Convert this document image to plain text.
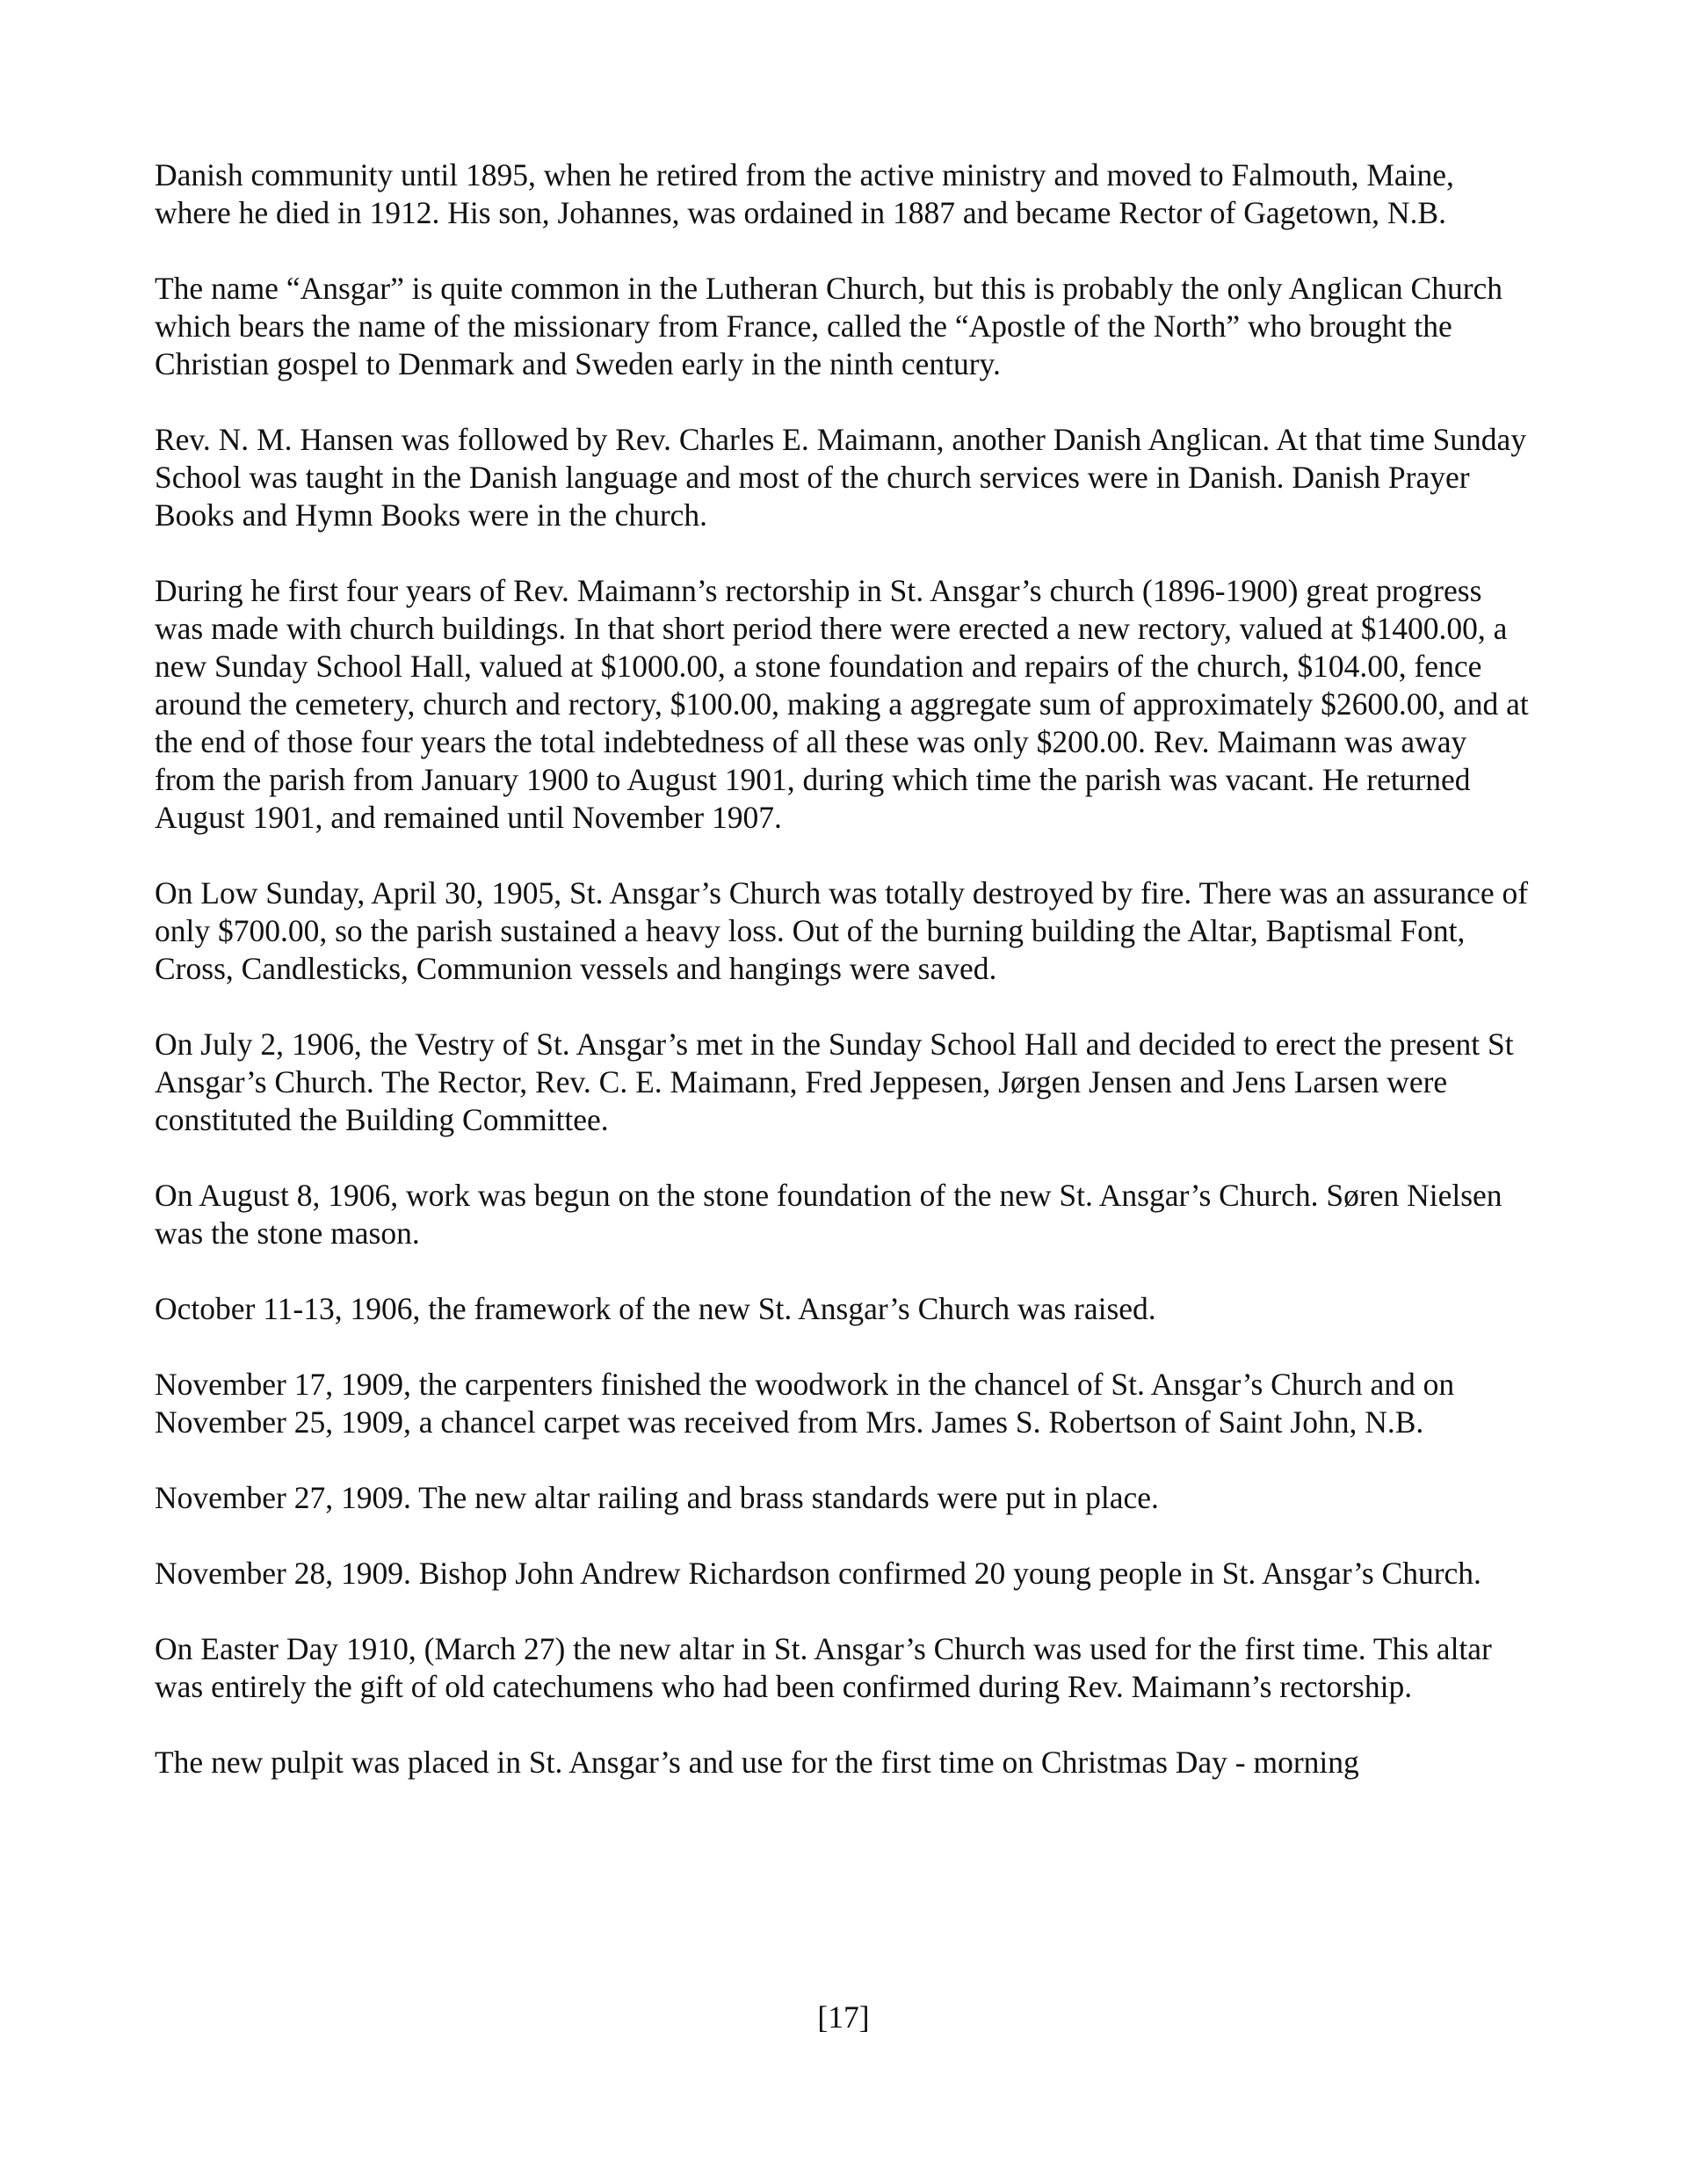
Danish community until 1895, when he retired from the active ministry and moved to Falmouth, Maine, where he died in 1912. His son, Johannes, was ordained in 1887 and became Rector of Gagetown, N.B.

The name “Ansgar” is quite common in the Lutheran Church, but this is probably the only Anglican Church which bears the name of the missionary from France, called the “Apostle of the North” who brought the Christian gospel to Denmark and Sweden early in the ninth century.

Rev. N. M. Hansen was followed by Rev. Charles E. Maimann, another Danish Anglican. At that time Sunday School was taught in the Danish language and most of the church services were in Danish. Danish Prayer Books and Hymn Books were in the church.

During he first four years of Rev. Maimann’s rectorship in St. Ansgar’s church (1896-1900) great progress was made with church buildings. In that short period there were erected a new rectory, valued at $1400.00, a new Sunday School Hall, valued at $1000.00, a stone foundation and repairs of the church, $104.00, fence around the cemetery, church and rectory, $100.00, making a aggregate sum of approximately $2600.00, and at the end of those four years the total indebtedness of all these was only $200.00. Rev. Maimann was away from the parish from January 1900 to August 1901, during which time the parish was vacant. He returned August 1901, and remained until November 1907.

On Low Sunday, April 30, 1905, St. Ansgar’s Church was totally destroyed by fire. There was an assurance of only $700.00, so the parish sustained a heavy loss. Out of the burning building the Altar, Baptismal Font, Cross, Candlesticks, Communion vessels and hangings were saved.

On July 2, 1906, the Vestry of St. Ansgar’s met in the Sunday School Hall and decided to erect the present St Ansgar’s Church. The Rector, Rev. C. E. Maimann, Fred Jeppesen, Jørgen Jensen and Jens Larsen were constituted the Building Committee.

On August 8, 1906, work was begun on the stone foundation of the new St. Ansgar’s Church. Søren Nielsen was the stone mason.

October 11-13, 1906, the framework of the new St. Ansgar’s Church was raised.

November 17, 1909, the carpenters finished the woodwork in the chancel of St. Ansgar’s Church and on November 25, 1909, a chancel carpet was received from Mrs. James S. Robertson of Saint John, N.B.

November 27, 1909. The new altar railing and brass standards were put in place.

November 28, 1909. Bishop John Andrew Richardson confirmed 20 young people in St. Ansgar’s Church.

On Easter Day 1910, (March 27) the new altar in St. Ansgar’s Church was used for the first time. This altar was entirely the gift of old catechumens who had been confirmed during Rev. Maimann’s rectorship.

The new pulpit was placed in St. Ansgar’s and use for the first time on Christmas Day - morning

[17]
